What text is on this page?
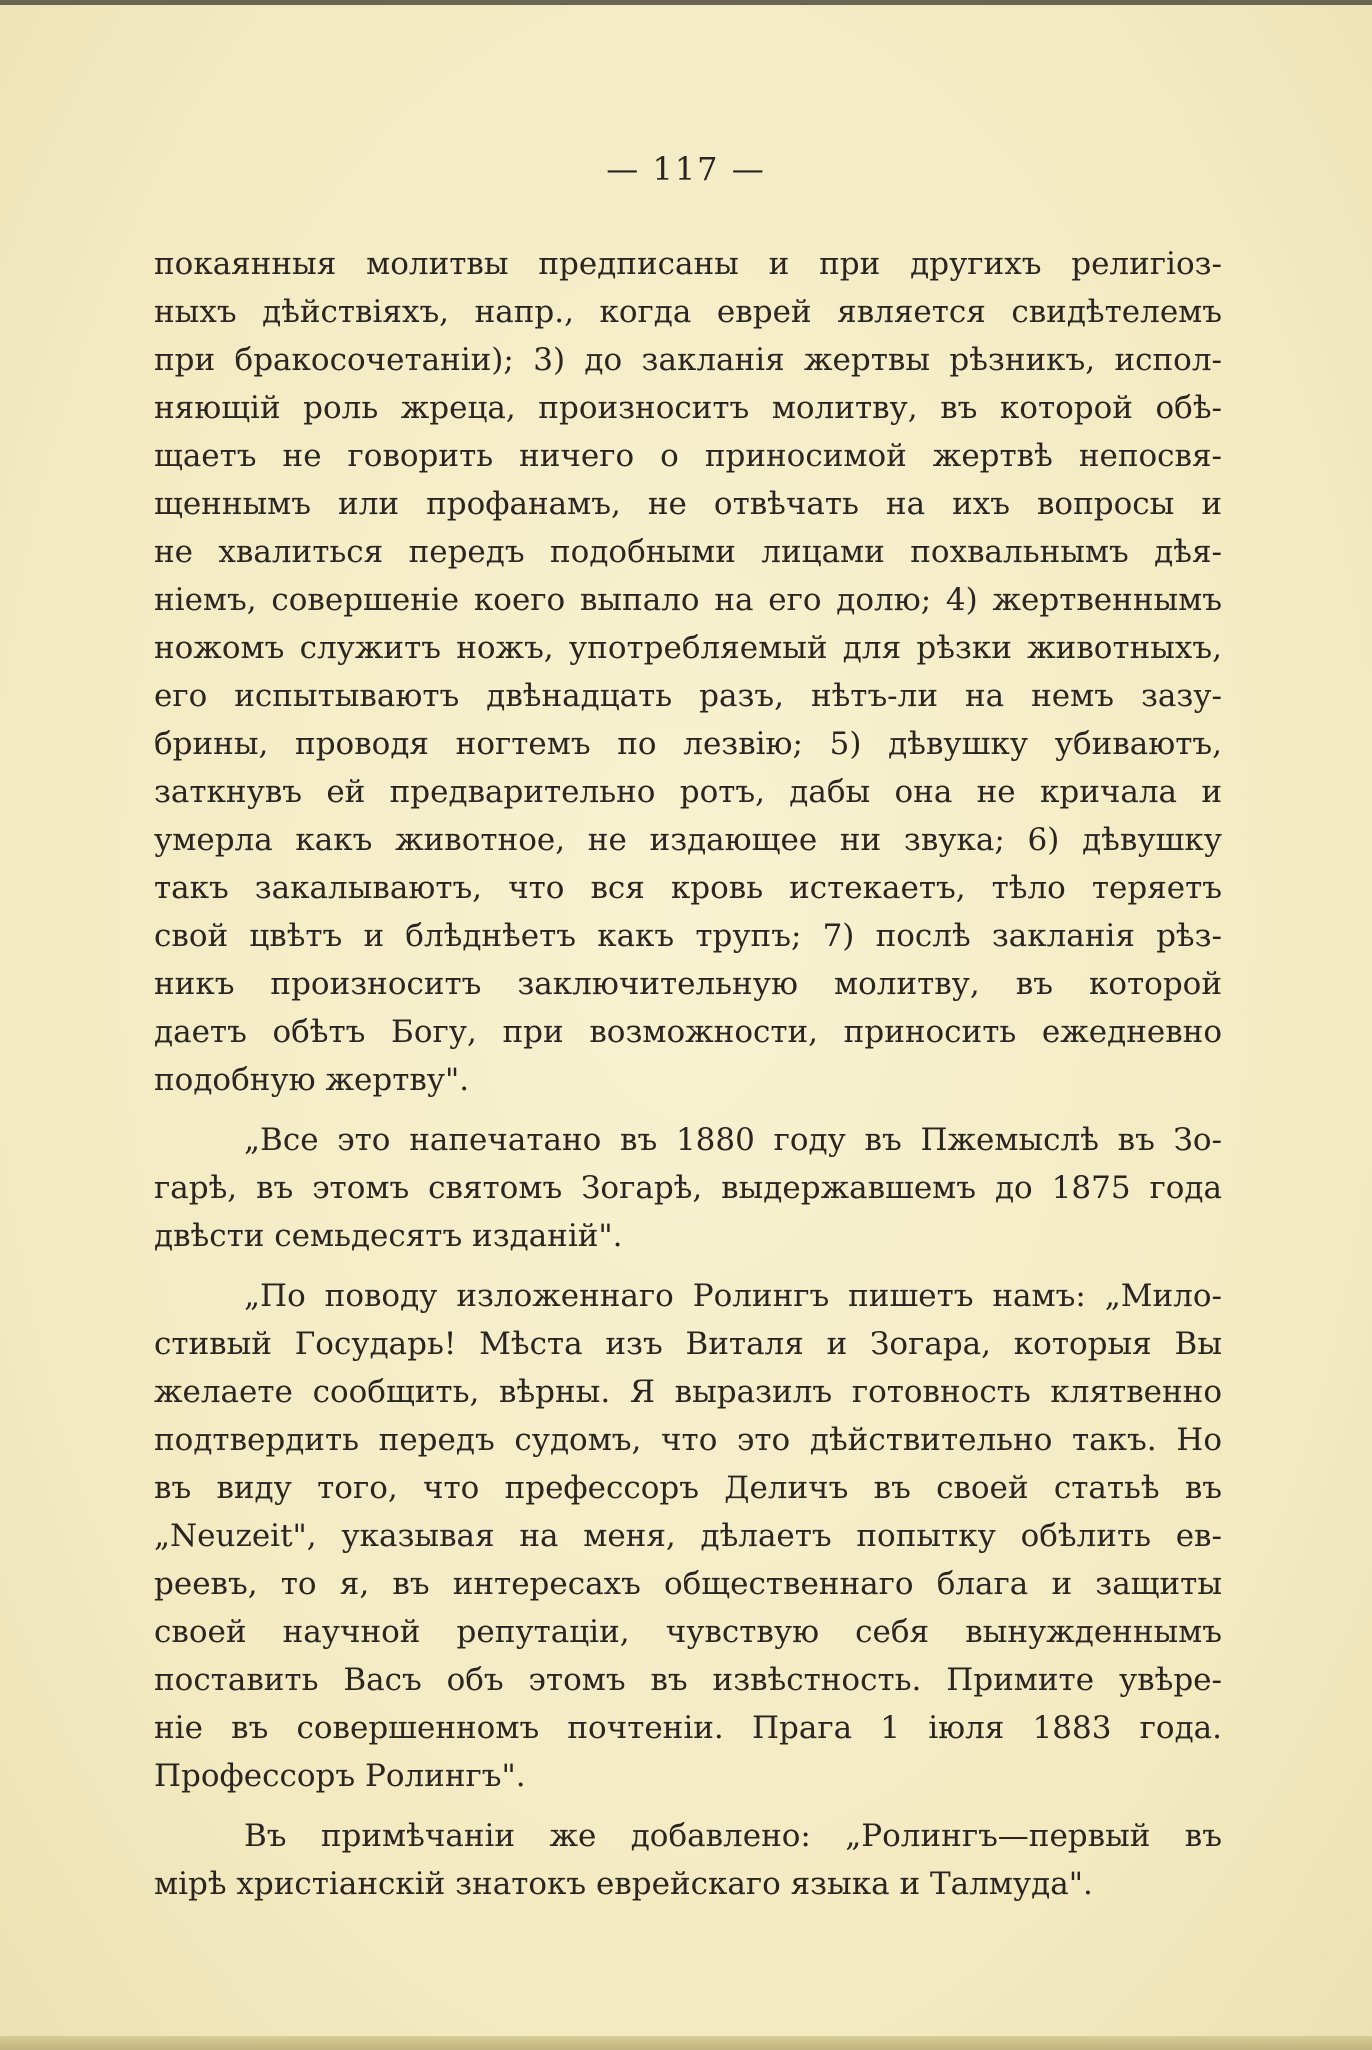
— 117 —
покаянныя молитвы предписаны и при другихъ религіоз-
ныхъ дѣйствіяхъ, напр., когда еврей является свидѣтелемъ
при бракосочетаніи); 3) до закланія жертвы рѣзникъ, испол-
няющій роль жреца, произноситъ молитву, въ которой обѣ-
щаетъ не говорить ничего о приносимой жертвѣ непосвя-
щеннымъ или профанамъ, не отвѣчать на ихъ вопросы и
не хвалиться передъ подобными лицами похвальнымъ дѣя-
ніемъ, совершеніе коего выпало на его долю; 4) жертвеннымъ
ножомъ служитъ ножъ, употребляемый для рѣзки животныхъ,
его испытываютъ двѣнадцать разъ, нѣтъ-ли на немъ зазу-
брины, проводя ногтемъ по лезвію; 5) дѣвушку убиваютъ,
заткнувъ ей предварительно ротъ, дабы она не кричала и
умерла какъ животное, не издающее ни звука; 6) дѣвушку
такъ закалываютъ, что вся кровь истекаетъ, тѣло теряетъ
свой цвѣтъ и блѣднѣетъ какъ трупъ; 7) послѣ закланія рѣз-
никъ произноситъ заключительную молитву, въ которой
даетъ обѣтъ Богу, при возможности, приносить ежедневно
подобную жертву".
„Все это напечатано въ 1880 году въ Пжемыслѣ въ Зо-
гарѣ, въ этомъ святомъ Зогарѣ, выдержавшемъ до 1875 года
двѣсти семьдесятъ изданій".
„По поводу изложеннаго Ролингъ пишетъ намъ: „Мило-
стивый Государь! Мѣста изъ Виталя и Зогара, которыя Вы
желаете сообщить, вѣрны. Я выразилъ готовность клятвенно
подтвердить передъ судомъ, что это дѣйствительно такъ. Но
въ виду того, что префессоръ Деличъ въ своей статьѣ въ
„Neuzeit", указывая на меня, дѣлаетъ попытку обѣлить ев-
реевъ, то я, въ интересахъ общественнаго блага и защиты
своей научной репутаціи, чувствую себя вынужденнымъ
поставить Васъ объ этомъ въ извѣстность. Примите увѣре-
ніе въ совершенномъ почтеніи. Прага 1 іюля 1883 года.
Профессоръ Ролингъ".
Въ примѣчаніи же добавлено: „Ролингъ—первый въ
мірѣ христіанскій знатокъ еврейскаго языка и Талмуда".
